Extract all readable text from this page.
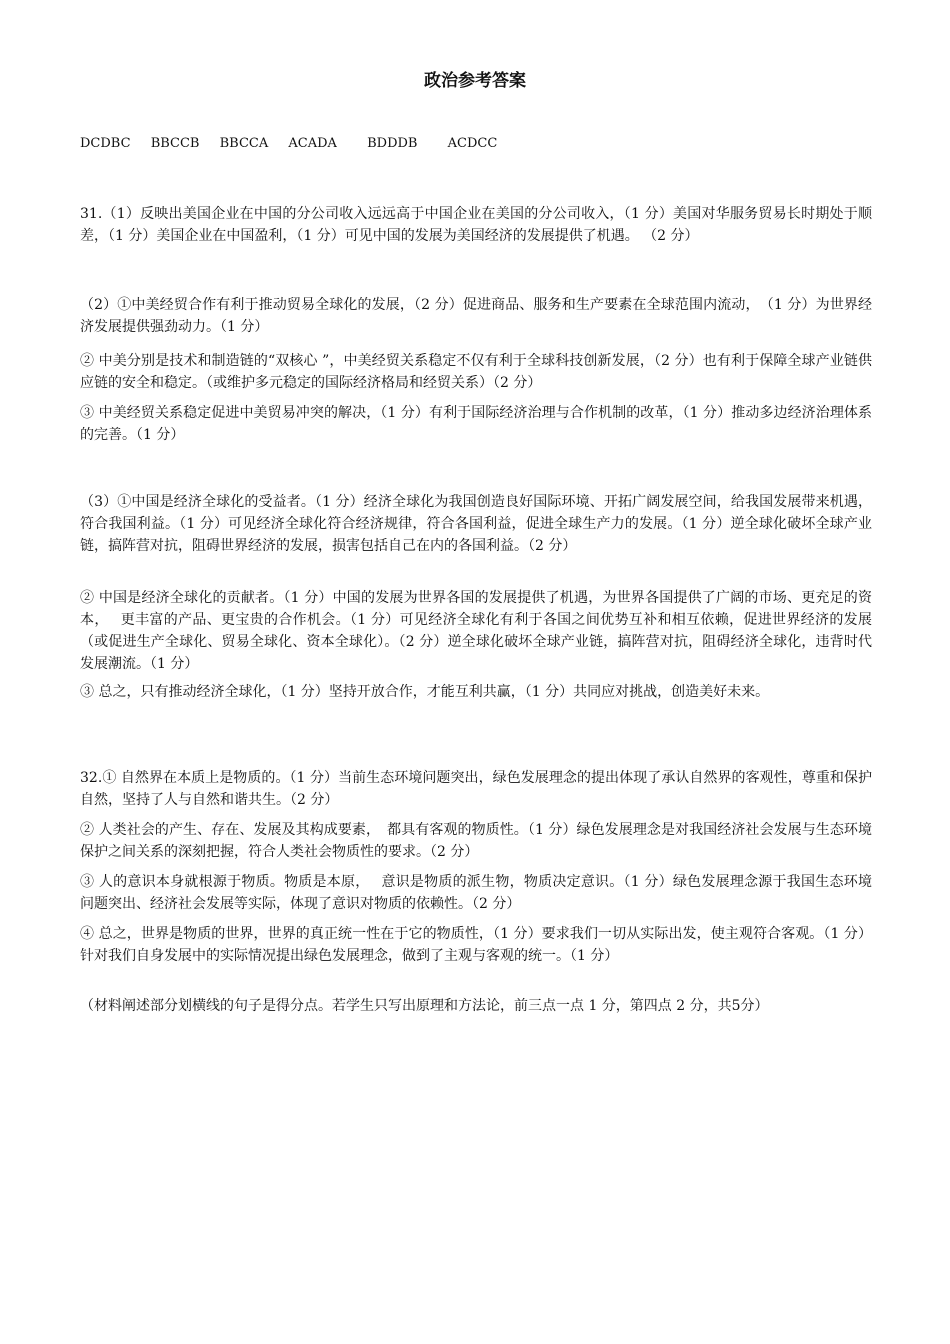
政治参考答案
DCDBC BBCCB BBCCA ACADA BDDDB ACDCC
31.（1）反映出美国企业在中国的分公司收入远远高于中国企业在美国的分公司收入，（1 分）美国对华服务贸易长时期处于顺差，（1 分）美国企业在中国盈利，（1 分）可见中国的发展为美国经济的发展提供了机遇。 （2 分）
（2）①中美经贸合作有利于推动贸易全球化的发展，（2 分）促进商品、服务和生产要素在全球范围内流动，　（1 分）为世界经济发展提供强劲动力。（1 分）
② 中美分别是技术和制造链的“双核心 ”，中美经贸关系稳定不仅有利于全球科技创新发展，（2 分）也有利于保障全球产业链供应链的安全和稳定。（或维护多元稳定的国际经济格局和经贸关系）（2 分）
③ 中美经贸关系稳定促进中美贸易冲突的解决，（1 分）有利于国际经济治理与合作机制的改革，（1 分）推动多边经济治理体系的完善。（1 分）
（3）①中国是经济全球化的受益者。（1 分）经济全球化为我国创造良好国际环境、开拓广阔发展空间，给我国发展带来机遇，符合我国利益。（1 分）可见经济全球化符合经济规律，符合各国利益，促进全球生产力的发展。（1 分）逆全球化破坏全球产业链，搞阵营对抗，阻碍世界经济的发展，损害包括自己在内的各国利益。（2 分）
② 中国是经济全球化的贡献者。（1 分）中国的发展为世界各国的发展提供了机遇，为世界各国提供了广阔的市场、更充足的资本，　 更丰富的产品、更宝贵的合作机会。（1 分）可见经济全球化有利于各国之间优势互补和相互依赖，促进世界经济的发展（或促进生产全球化、贸易全球化、资本全球化）。（2 分）逆全球化破坏全球产业链，搞阵营对抗，阻碍经济全球化，违背时代发展潮流。（1 分）
③ 总之，只有推动经济全球化，（1 分）坚持开放合作，才能互利共赢，（1 分）共同应对挑战，创造美好未来。
32.① 自然界在本质上是物质的。（1 分）当前生态环境问题突出，绿色发展理念的提出体现了承认自然界的客观性，尊重和保护自然，坚持了人与自然和谐共生。（2 分）
② 人类社会的产生、存在、发展及其构成要素，　都具有客观的物质性。（1 分）绿色发展理念是对我国经济社会发展与生态环境保护之间关系的深刻把握，符合人类社会物质性的要求。（2 分）
③ 人的意识本身就根源于物质。物质是本原，　 意识是物质的派生物，物质决定意识。（1 分）绿色发展理念源于我国生态环境问题突出、经济社会发展等实际，体现了意识对物质的依赖性。（2 分）
④ 总之，世界是物质的世界，世界的真正统一性在于它的物质性，（1 分）要求我们一切从实际出发，使主观符合客观。（1 分）针对我们自身发展中的实际情况提出绿色发展理念，做到了主观与客观的统一。（1 分）
（材料阐述部分划横线的句子是得分点。若学生只写出原理和方法论，前三点一点 1 分，第四点 2 分，共5分）
